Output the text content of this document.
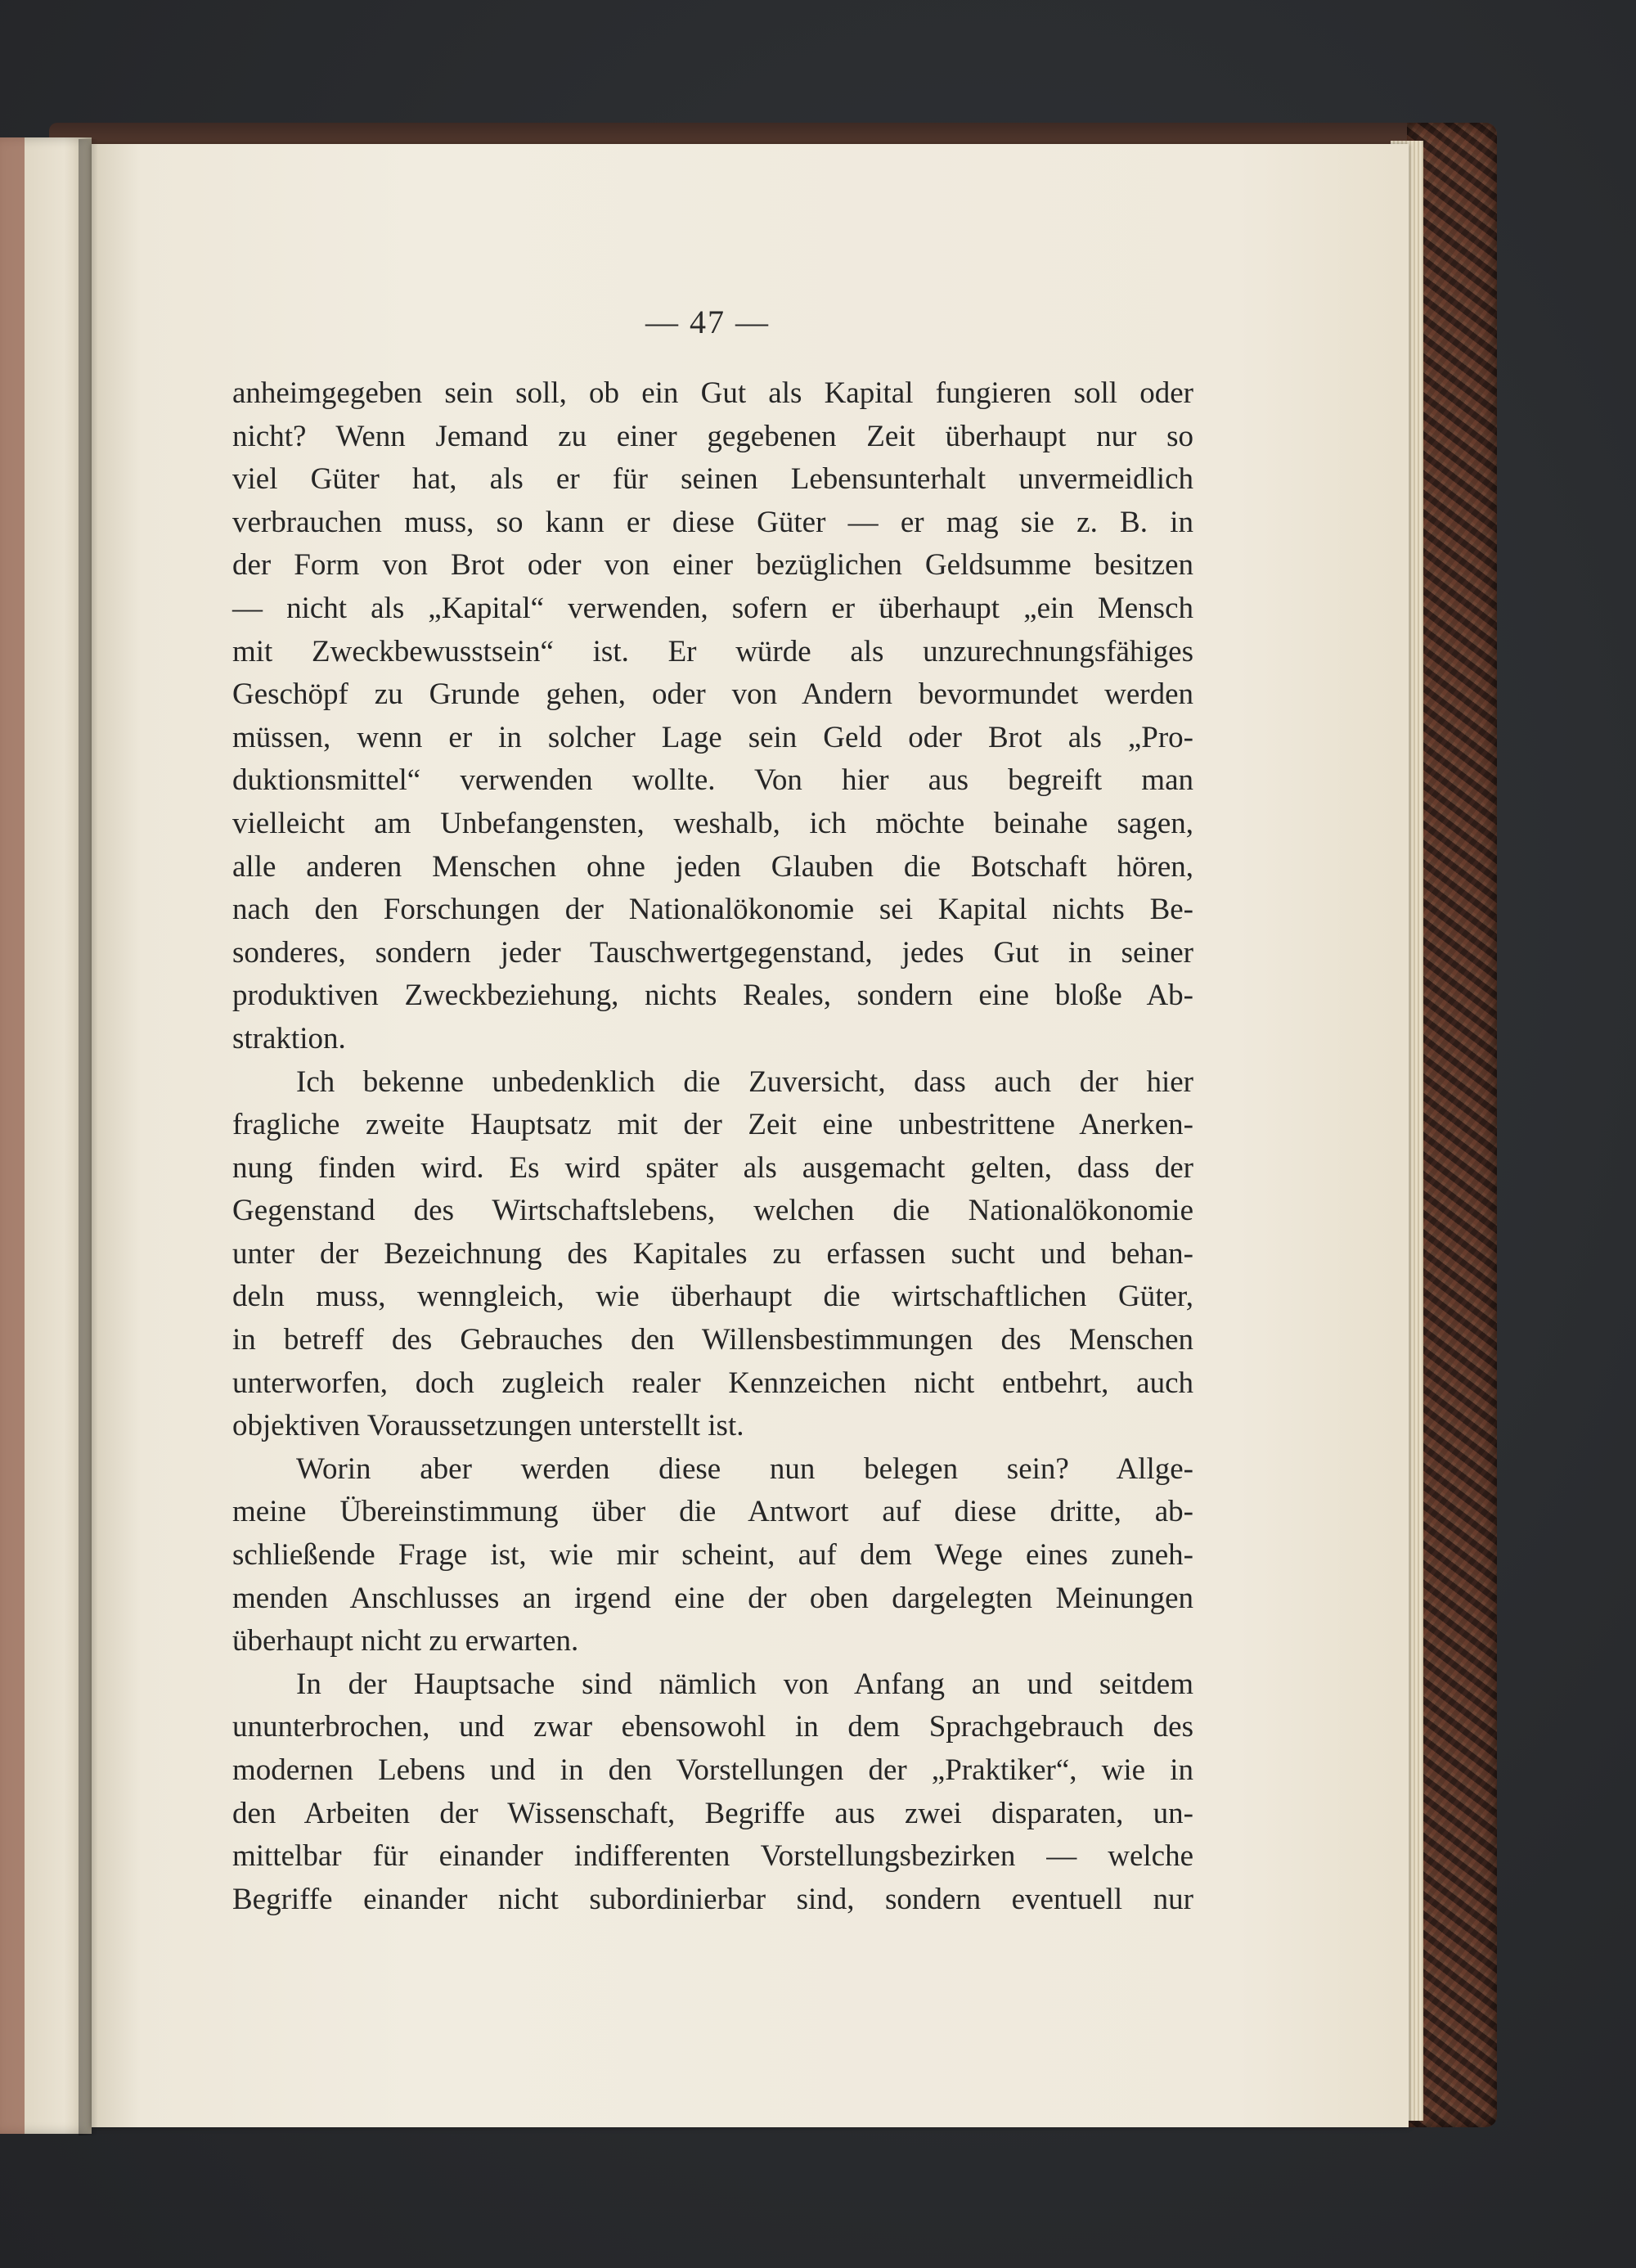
— 47 —
anheimgegeben sein soll, ob ein Gut als Kapital fungieren soll oder
nicht? Wenn Jemand zu einer gegebenen Zeit überhaupt nur so
viel Güter hat, als er für seinen Lebensunterhalt unvermeidlich
verbrauchen muss, so kann er diese Güter — er mag sie z. B. in
der Form von Brot oder von einer bezüglichen Geldsumme besitzen
— nicht als „Kapital“ verwenden, sofern er überhaupt „ein Mensch
mit Zweckbewusstsein“ ist. Er würde als unzurechnungsfähiges
Geschöpf zu Grunde gehen, oder von Andern bevormundet werden
müssen, wenn er in solcher Lage sein Geld oder Brot als „Pro-
duktionsmittel“ verwenden wollte. Von hier aus begreift man
vielleicht am Unbefangensten, weshalb, ich möchte beinahe sagen,
alle anderen Menschen ohne jeden Glauben die Botschaft hören,
nach den Forschungen der Nationalökonomie sei Kapital nichts Be-
sonderes, sondern jeder Tauschwertgegenstand, jedes Gut in seiner
produktiven Zweckbeziehung, nichts Reales, sondern eine bloße Ab-
straktion.
Ich bekenne unbedenklich die Zuversicht, dass auch der hier
fragliche zweite Hauptsatz mit der Zeit eine unbestrittene Anerken-
nung finden wird. Es wird später als ausgemacht gelten, dass der
Gegenstand des Wirtschaftslebens, welchen die Nationalökonomie
unter der Bezeichnung des Kapitales zu erfassen sucht und behan-
deln muss, wenngleich, wie überhaupt die wirtschaftlichen Güter,
in betreff des Gebrauches den Willensbestimmungen des Menschen
unterworfen, doch zugleich realer Kennzeichen nicht entbehrt, auch
objektiven Voraussetzungen unterstellt ist.
Worin aber werden diese nun belegen sein? Allge-
meine Übereinstimmung über die Antwort auf diese dritte, ab-
schließende Frage ist, wie mir scheint, auf dem Wege eines zuneh-
menden Anschlusses an irgend eine der oben dargelegten Meinungen
überhaupt nicht zu erwarten.
In der Hauptsache sind nämlich von Anfang an und seitdem
ununterbrochen, und zwar ebensowohl in dem Sprachgebrauch des
modernen Lebens und in den Vorstellungen der „Praktiker“, wie in
den Arbeiten der Wissenschaft, Begriffe aus zwei disparaten, un-
mittelbar für einander indifferenten Vorstellungsbezirken — welche
Begriffe einander nicht subordinierbar sind, sondern eventuell nur
